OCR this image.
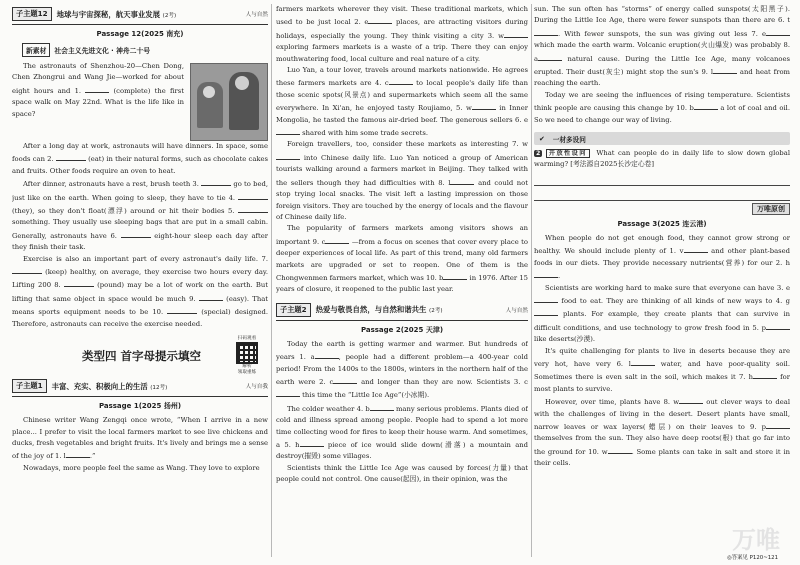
子主题12	地球与宇宙探秘，航天事业发展 (2考)	人与自然
Passage 12(2025 南充)
新素材	社会主义先进文化 · 神舟二十号

The astronauts of Shenzhou-20—Chen Dong, Chen Zhongrui and Wang Jie—worked for about eight hours and 1.	(complete) the first space walk on May 22nd. What is the life like in space?

After a long day at work, astronauts will have dinners. In space, some foods can 2.	(eat) in their natural forms, such as chocolate cakes and fruits. Other foods require an oven to heat.

After dinner, astronauts have a rest, brush teeth 3.	go to bed, just like on the earth. When going to sleep, they have to tie 4.  (they), so they don't float(漂浮) around or hit their bodies 5.  something. They usually use sleeping bags that are put in a small cabin. Generally, astronauts have 6.	eight-hour sleep each day after they finish their task.

Exercise is also an important part of every astronaut's daily life. 7.  (keep) healthy, on average, they exercise two hours every day. Lifting 200 8.	(pound) may be a lot of work on the earth. But lifting that same object in space would be much 9.	(easy). That means sports equipment needs to be 10.	(special) designed. Therefore, astronauts can receive the exercise needed.

类型四 首字母提示填空
扫码观看
解析
领取重练
子主题1	丰富、充实、积极向上的生活 (12考)	人与自我
Passage 1(2025 扬州)

Chinese writer Wang Zengqi once wrote, “When I arrive in a new place... I prefer to visit the local farmers market to see live chickens and ducks, fresh vegetables and bright fruits. It's lively and brings me a sense of the joy of 1. l	.”

Nowadays, more people feel the same as Wang. They love to explore

farmers markets wherever they visit. These traditional markets, which used to be just local 2. e	places, are attracting visitors during holidays, especially the young. They think visiting a city 3. w exploring farmers markets is a waste of a trip. There they can enjoy mouthwatering food, local culture and real nature of a city.

Luo Yan, a tour lover, travels around markets nationwide. He agrees these farmers markets are 4. c	to local people's daily life than those scenic spots(风景点) and supermarkets which seem all the same everywhere. In Xi'an, he enjoyed tasty Roujiamo, 5. w	in Inner Mongolia, he tasted the famous air-dried beef. The generous sellers 6. e shared with him some trade secrets.

Foreign travellers, too, consider these markets as interesting 7. w into Chinese daily life. Luo Yan noticed a group of American tourists walking around a farmers market in Beijing. They talked with the sellers though they had difficulties with 8. l	and could not stop trying local snacks. The visit left a lasting impression on those foreign visitors. They are touched by the energy of locals and the flavour of Chinese daily life.

The popularity of farmers markets among visitors shows an important 9. c	—from a focus on scenes that cover every place to deeper experiences of local life. As part of this trend, many old farmers markets are upgraded or set to reopen. One of them is the Chongwenmen farmers market, which was 10. b	in 1976. After 15 years of closure, it reopened to the public last year.

子主题2	热爱与敬畏自然，与自然和谐共生 (2考)	人与自然
Passage 2(2025 天津)

Today the earth is getting warmer and warmer. But hundreds of years 1. a	, people had a different problem—a 400-year cold period! From the 1400s to the 1800s, winters in the northern half of the earth were 2. c	and longer than they are now. Scientists 3. c this time the “Little Ice Age”(小冰期).

The colder weather 4. b	many serious problems. Plants died of cold and illness spread among people. People had to spend a lot more time collecting wood for fires to keep their house warm. And sometimes, a 5. h	piece of ice would slide down(滑落) a mountain and destroy(摧毁) some villages.

Scientists think the Little Ice Age was caused by forces(力量) that people could not control. One cause(起因), in their opinion, was the

sun. The sun often has “storms” of energy called sunspots(太阳黑子). During the Little Ice Age, there were fewer sunspots than there are 6. t. With fewer sunspots, the sun was giving out less 7. e which made the earth warm. Volcanic eruption(火山爆发) was probably 8. a	natural cause. During the Little Ice Age, many volcanoes erupted. Their dust(灰尘) might stop the sun's 9. l	and heat from reaching the earth.

Today we are seeing the influences of rising temperature. Scientists think people are causing this change by 10. b	a lot of coal and oil. So we need to change our way of living.

✔ 一材多设问

2 开放性设问 What can people do in daily life to slow down global warming? [考法源自2025长沙定心卷]

万唯原创
Passage 3(2025 连云港)

When people do not get enough food, they cannot grow strong or healthy. We should include plenty of 1. v	and other plant-based foods in our diets. They provide necessary nutrients(营养) for our 2. h.

Scientists are working hard to make sure that everyone can have 3. e food to eat. They are thinking of all kinds of new ways to 4. g plants. For example, they create plants that can survive in difficult conditions, and use technology to grow fresh food in 5. p like deserts(沙漠).

It's quite challenging for plants to live in deserts because they are very hot, have very 6. l	water, and have poor-quality soil. Sometimes there is even salt in the soil, which makes it 7. h	for most plants to survive.

However, over time, plants have 8. w	out clever ways to deal with the challenges of living in the desert. Desert plants have small, narrow leaves or wax layers(蜡层) on their leaves to 9. p themselves from the sun. They also have deep roots(根) that go far into the ground for 10. w	. Some plants can take in salt and store it in their cells.

万唯
◎答案见 P120~121
